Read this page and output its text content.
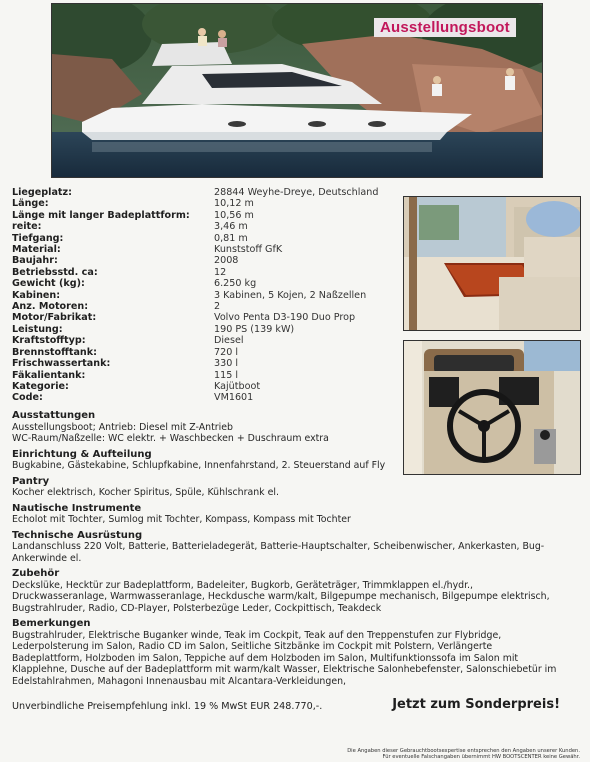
Ausstellungsboot
Liegeplatz:	28844 Weyhe-Dreye, Deutschland
Länge:	10,12 m
Länge mit langer Badeplattform:	10,56 m
reite:	3,46 m
Tiefgang:	0,81 m
Material:	Kunststoff GfK
Baujahr:	2008
Betriebsstd. ca:	12
Gewicht (kg):	6.250 kg
Kabinen:	3 Kabinen, 5 Kojen, 2 Naßzellen
Anz. Motoren:	2
Motor/Fabrikat:	Volvo Penta D3-190 Duo Prop
Leistung:	190 PS (139 kW)
Kraftstofftyp:	Diesel
Brennstofftank:	720 l
Frischwassertank:	330 l
Fäkalientank:	115 l
Kategorie:	Kajütboot
Code:	VM1601
Ausstattungen
Ausstellungsboot; Antrieb: Diesel mit Z-Antrieb
WC-Raum/Naßzelle: WC elektr. + Waschbecken + Duschraum extra
Einrichtung & Aufteilung
Bugkabine, Gästekabine, Schlupfkabine, Innenfahrstand, 2. Steuerstand auf Fly
Pantry
Kocher elektrisch, Kocher Spiritus, Spüle, Kühlschrank el.
Nautische Instrumente
Echolot mit Tochter, Sumlog mit Tochter, Kompass, Kompass mit Tochter
Technische Ausrüstung
Landanschluss 220 Volt, Batterie, Batterieladegerät, Batterie-Hauptschalter, Scheibenwischer, Ankerkasten, Bug-
Ankerwinde el.
Zubehör
Deckslüke, Hecktür zur Badeplattform, Badeleiter, Bugkorb, Geräteträger, Trimmklappen el./hydr.,
Druckwasseranlage, Warmwasseranlage, Heckdusche warm/kalt, Bilgepumpe mechanisch, Bilgepumpe elektrisch,
Bugstrahlruder, Radio, CD-Player, Polsterbezüge Leder, Cockpittisch, Teakdeck
Bemerkungen
Bugstrahlruder, Elektrische Buganker winde, Teak im Cockpit, Teak auf den Treppenstufen zur Flybridge,
Lederpolsterung im Salon, Radio CD im Salon, Seitliche Sitzbänke im Cockpit mit Polstern, Verlängerte
Badeplattform, Holzboden im Salon, Teppiche auf dem Holzboden im Salon, Multifunktionssofa im Salon mit
Klapplehne, Dusche auf der Badeplattform mit warm/kalt Wasser, Elektrische Salonhebefenster, Salonschiebetür im
Edelstahlrahmen, Mahagoni Innenausbau mit Alcantara-Verkleidungen,
Unverbindliche Preisempfehlung inkl. 19 % MwSt EUR 248.770,-.	Jetzt zum Sonderpreis!
Die Angaben dieser Gebrauchtbootsexpertise entsprechen den Angaben unserer Kunden.
Für eventuelle Falschangaben übernimmt HW BOOTSCENTER keine Gewähr.
